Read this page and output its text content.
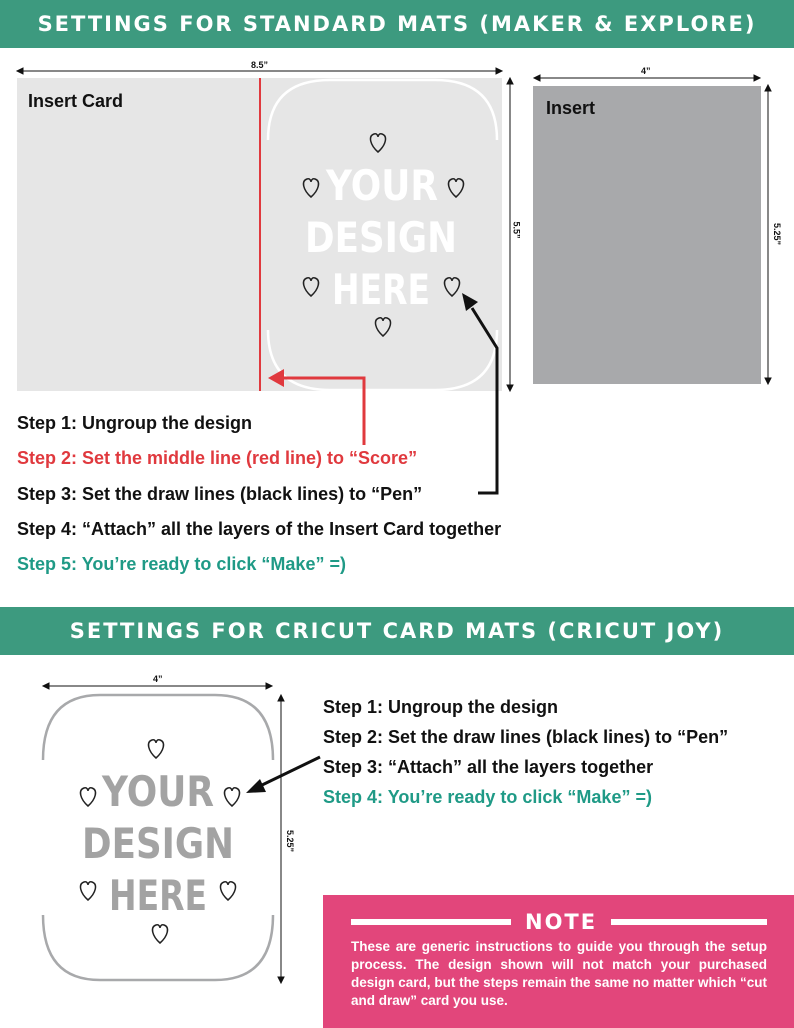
SETTINGS FOR STANDARD MATS (MAKER & EXPLORE)
Insert Card
YOUR
DESIGN
HERE
8.5”
5.5”
Insert
4”
5.25”
Step 1: Ungroup the design
Step 2: Set the middle line (red line) to “Score”
Step 3: Set the draw lines (black lines) to “Pen”
Step 4: “Attach” all the layers of the Insert Card together
Step 5: You’re ready to click “Make” =)
SETTINGS FOR CRICUT CARD MATS (CRICUT JOY)
YOUR
DESIGN
HERE
4”
5.25”
Step 1: Ungroup the design
Step 2: Set the draw lines (black lines) to “Pen”
Step 3: “Attach” all the layers together
Step 4: You’re ready to click “Make” =)
NOTE
These are generic instructions to guide you through the setup process. The design shown will not match your purchased design card, but the steps remain the same no matter which “cut and draw” card you use.
